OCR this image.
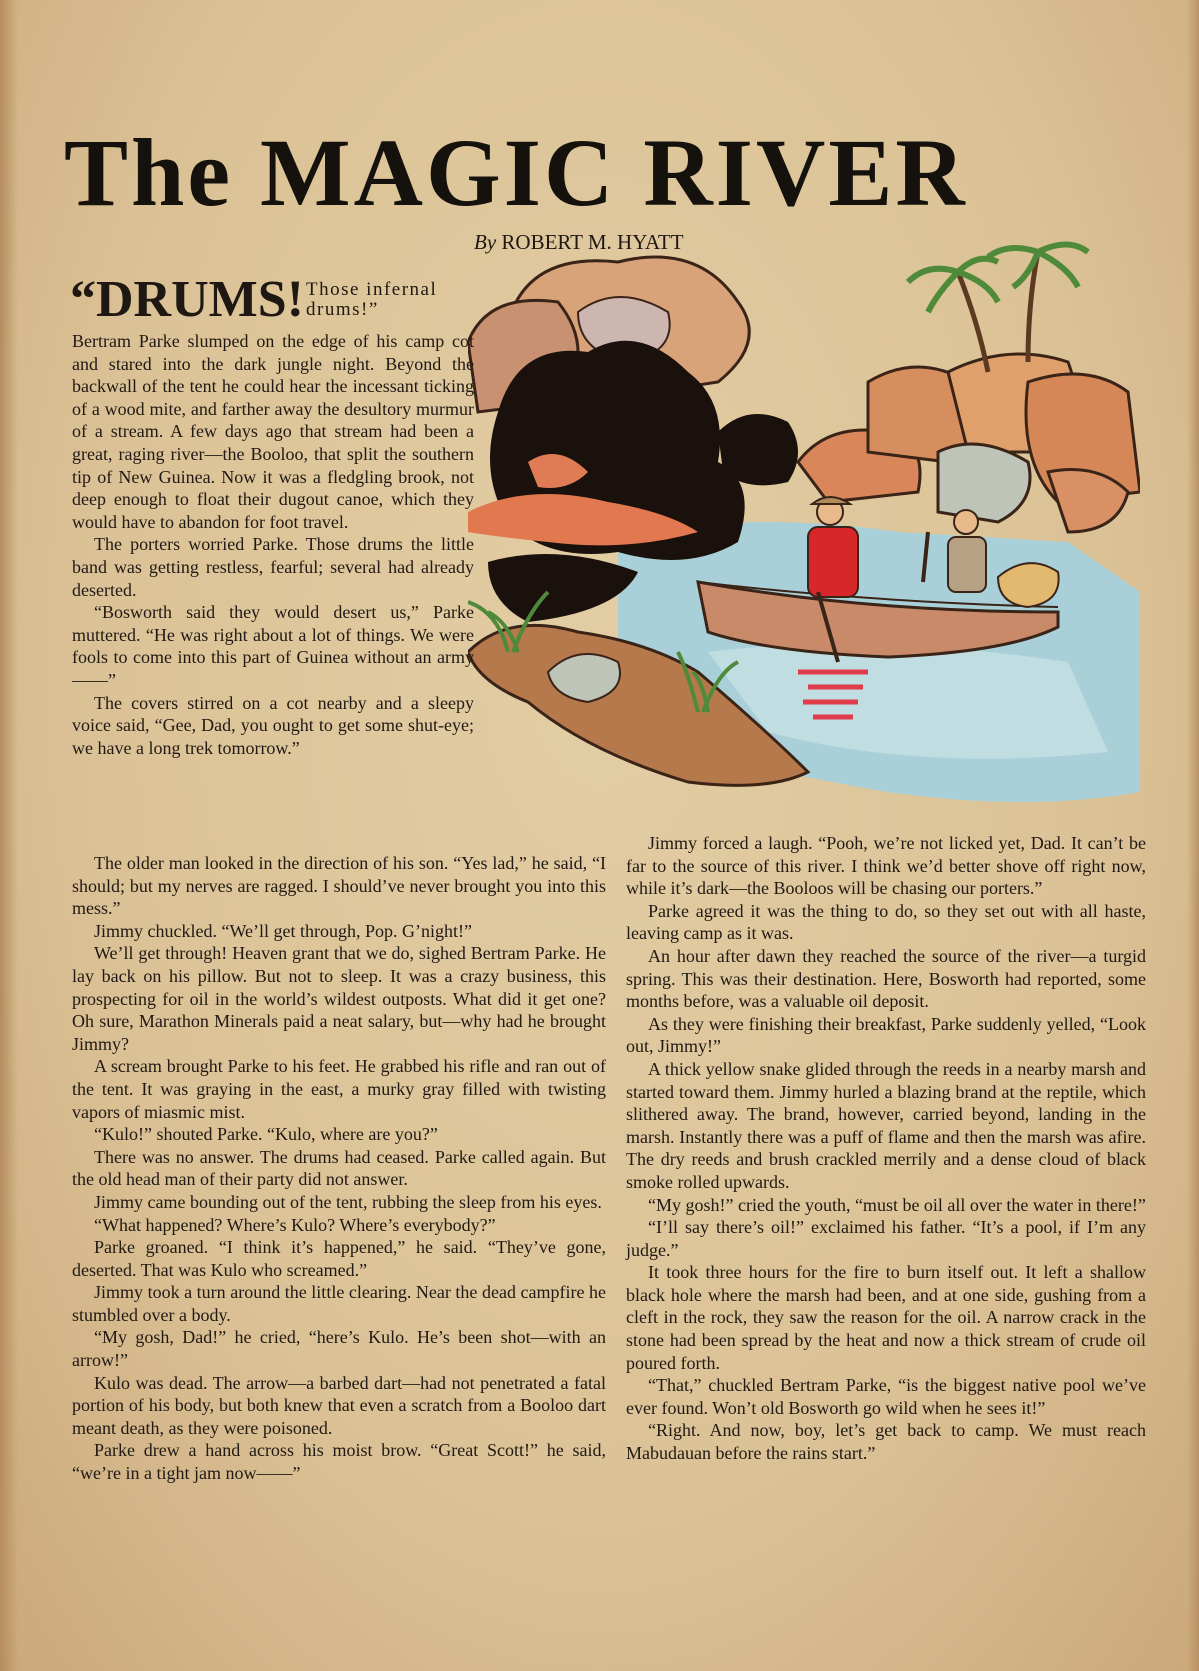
The MAGIC RIVER
By ROBERT M. HYATT
“DRUMS! Those infernal drums!”

Bertram Parke slumped on the edge of his camp cot and stared into the dark jungle night. Beyond the backwall of the tent he could hear the incessant ticking of a wood mite, and farther away the desultory murmur of a stream. A few days ago that stream had been a great, raging river—the Booloo, that split the southern tip of New Guinea. Now it was a fledgling brook, not deep enough to float their dugout canoe, which they would have to abandon for foot travel.

The porters worried Parke. Those drums the little band was getting restless, fearful; several had already deserted.

“Bosworth said they would desert us,” Parke muttered. “He was right about a lot of things. We were fools to come into this part of Guinea without an army——”

The covers stirred on a cot nearby and a sleepy voice said, “Gee, Dad, you ought to get some shut-eye; we have a long trek tomorrow.”

The older man looked in the direction of his son. “Yes lad,” he said, “I should; but my nerves are ragged. I should’ve never brought you into this mess.”

Jimmy chuckled. “We’ll get through, Pop. G’night!”

We’ll get through! Heaven grant that we do, sighed Bertram Parke. He lay back on his pillow. But not to sleep. It was a crazy business, this prospecting for oil in the world’s wildest outposts. What did it get one? Oh sure, Marathon Minerals paid a neat salary, but—why had he brought Jimmy?

A scream brought Parke to his feet. He grabbed his rifle and ran out of the tent. It was graying in the east, a murky gray filled with twisting vapors of miasmic mist.

“Kulo!” shouted Parke. “Kulo, where are you?”

There was no answer. The drums had ceased. Parke called again. But the old head man of their party did not answer.

Jimmy came bounding out of the tent, rubbing the sleep from his eyes.

“What happened? Where’s Kulo? Where’s everybody?”

Parke groaned. “I think it’s happened,” he said. “They’ve gone, deserted. That was Kulo who screamed.”

Jimmy took a turn around the little clearing. Near the dead campfire he stumbled over a body.

“My gosh, Dad!” he cried, “here’s Kulo. He’s been shot—with an arrow!”

Kulo was dead. The arrow—a barbed dart—had not penetrated a fatal portion of his body, but both knew that even a scratch from a Booloo dart meant death, as they were poisoned.

Parke drew a hand across his moist brow. “Great Scott!” he said, “we’re in a tight jam now——”

Jimmy forced a laugh. “Pooh, we’re not licked yet, Dad. It can’t be far to the source of this river. I think we’d better shove off right now, while it’s dark—the Booloos will be chasing our porters.”

Parke agreed it was the thing to do, so they set out with all haste, leaving camp as it was.

An hour after dawn they reached the source of the river—a turgid spring. This was their destination. Here, Bosworth had reported, some months before, was a valuable oil deposit.

As they were finishing their breakfast, Parke suddenly yelled, “Look out, Jimmy!”

A thick yellow snake glided through the reeds in a nearby marsh and started toward them. Jimmy hurled a blazing brand at the reptile, which slithered away. The brand, however, carried beyond, landing in the marsh. Instantly there was a puff of flame and then the marsh was afire. The dry reeds and brush crackled merrily and a dense cloud of black smoke rolled upwards.

“My gosh!” cried the youth, “must be oil all over the water in there!”

“I’ll say there’s oil!” exclaimed his father. “It’s a pool, if I’m any judge.”

It took three hours for the fire to burn itself out. It left a shallow black hole where the marsh had been, and at one side, gushing from a cleft in the rock, they saw the reason for the oil. A narrow crack in the stone had been spread by the heat and now a thick stream of crude oil poured forth.

“That,” chuckled Bertram Parke, “is the biggest native pool we’ve ever found. Won’t old Bosworth go wild when he sees it!”

“Right. And now, boy, let’s get back to camp. We must reach Mabudauan before the rains start.”
